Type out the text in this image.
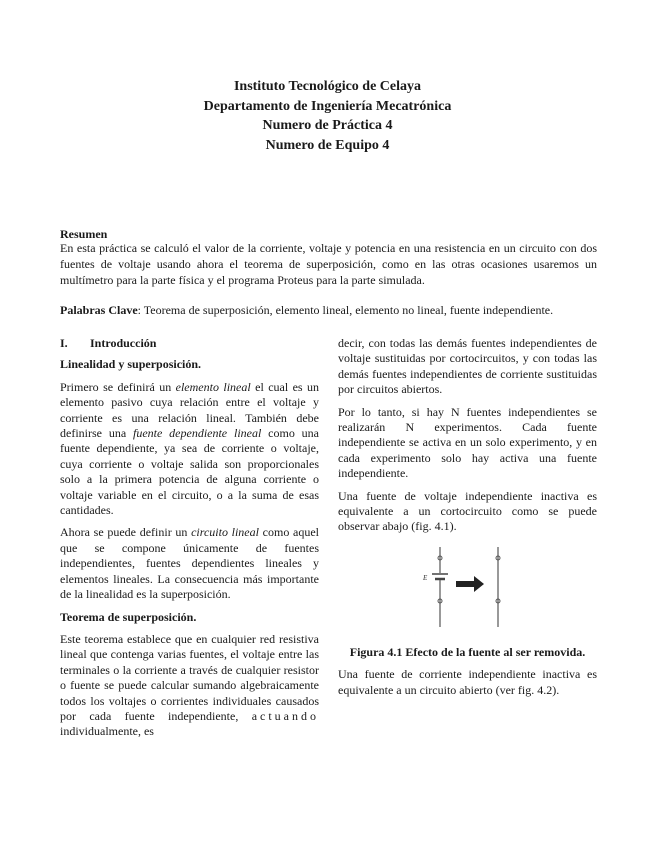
Instituto Tecnológico de Celaya
Departamento de Ingeniería Mecatrónica
Numero de Práctica 4
Numero de Equipo 4
Resumen
En esta práctica se calculó el valor de la corriente, voltaje y potencia en una resistencia en un circuito con dos fuentes de voltaje usando ahora el teorema de superposición, como en las otras ocasiones usaremos un multímetro para la parte física y el programa Proteus para la parte simulada.
Palabras Clave: Teorema de superposición, elemento lineal, elemento no lineal, fuente independiente.
I.	Introducción
Linealidad y superposición.

Primero se definirá un elemento lineal el cual es un elemento pasivo cuya relación entre el voltaje y corriente es una relación lineal. También debe definirse una fuente dependiente lineal como una fuente dependiente, ya sea de corriente o voltaje, cuya corriente o voltaje salida son proporcionales solo a la primera potencia de alguna corriente o voltaje variable en el circuito, o a la suma de esas cantidades.

Ahora se puede definir un circuito lineal como aquel que se compone únicamente de fuentes independientes, fuentes dependientes lineales y elementos lineales. La consecuencia más importante de la linealidad es la superposición.

Teorema de superposición.

Este teorema establece que en cualquier red resistiva lineal que contenga varias fuentes, el voltaje entre las terminales o la corriente a través de cualquier resistor o fuente se puede calcular sumando algebraicamente todos los voltajes o corrientes individuales causados por cada fuente independiente, actuando individualmente, es

decir, con todas las demás fuentes independientes de voltaje sustituidas por cortocircuitos, y con todas las demás fuentes independientes de corriente sustituidas por circuitos abiertos.

Por lo tanto, si hay N fuentes independientes se realizarán N experimentos. Cada fuente independiente se activa en un solo experimento, y en cada experimento solo hay activa una fuente independiente.

Una fuente de voltaje independiente inactiva es equivalente a un cortocircuito como se puede observar abajo (fig. 4.1).

E
Figura 4.1 Efecto de la fuente al ser removida.

Una fuente de corriente independiente inactiva es equivalente a un circuito abierto (ver fig. 4.2).
